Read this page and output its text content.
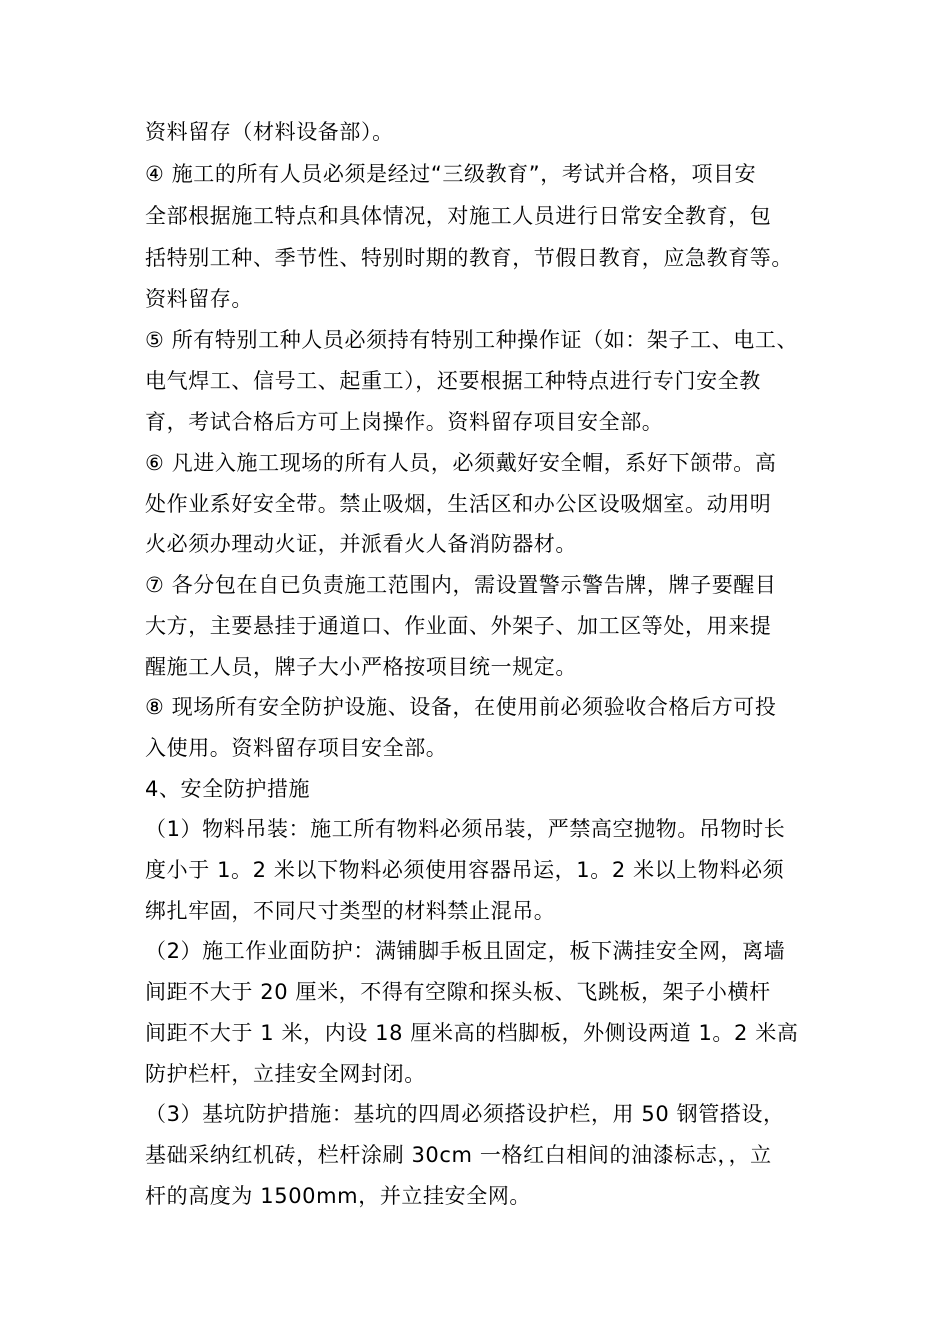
资料留存（材料设备部）。
④ 施工的所有人员必须是经过“三级教育”，考试并合格，项目安
全部根据施工特点和具体情况，对施工人员进行日常安全教育，包
括特别工种、季节性、特别时期的教育，节假日教育，应急教育等。
资料留存。
⑤ 所有特别工种人员必须持有特别工种操作证（如：架子工、电工、
电气焊工、信号工、起重工），还要根据工种特点进行专门安全教
育，考试合格后方可上岗操作。资料留存项目安全部。
⑥ 凡进入施工现场的所有人员，必须戴好安全帽，系好下颌带。高
处作业系好安全带。禁止吸烟，生活区和办公区设吸烟室。动用明
火必须办理动火证，并派看火人备消防器材。
⑦ 各分包在自已负责施工范围内，需设置警示警告牌，牌子要醒目
大方，主要悬挂于通道口、作业面、外架子、加工区等处，用来提
醒施工人员，牌子大小严格按项目统一规定。
⑧ 现场所有安全防护设施、设备，在使用前必须验收合格后方可投
入使用。资料留存项目安全部。
4、安全防护措施
（1）物料吊装：施工所有物料必须吊装，严禁高空抛物。吊物时长
度小于 1。2 米以下物料必须使用容器吊运，1。2 米以上物料必须
绑扎牢固，不同尺寸类型的材料禁止混吊。
（2）施工作业面防护：满铺脚手板且固定，板下满挂安全网，离墙
间距不大于 20 厘米，不得有空隙和探头板、飞跳板，架子小横杆
间距不大于 1 米，内设 18 厘米高的档脚板，外侧设两道 1。2 米高
防护栏杆，立挂安全网封闭。
（3）基坑防护措施：基坑的四周必须搭设护栏，用 50 钢管搭设，
基础采纳红机砖，栏杆涂刷 30cm 一格红白相间的油漆标志，，立
杆的高度为 1500mm，并立挂安全网。
